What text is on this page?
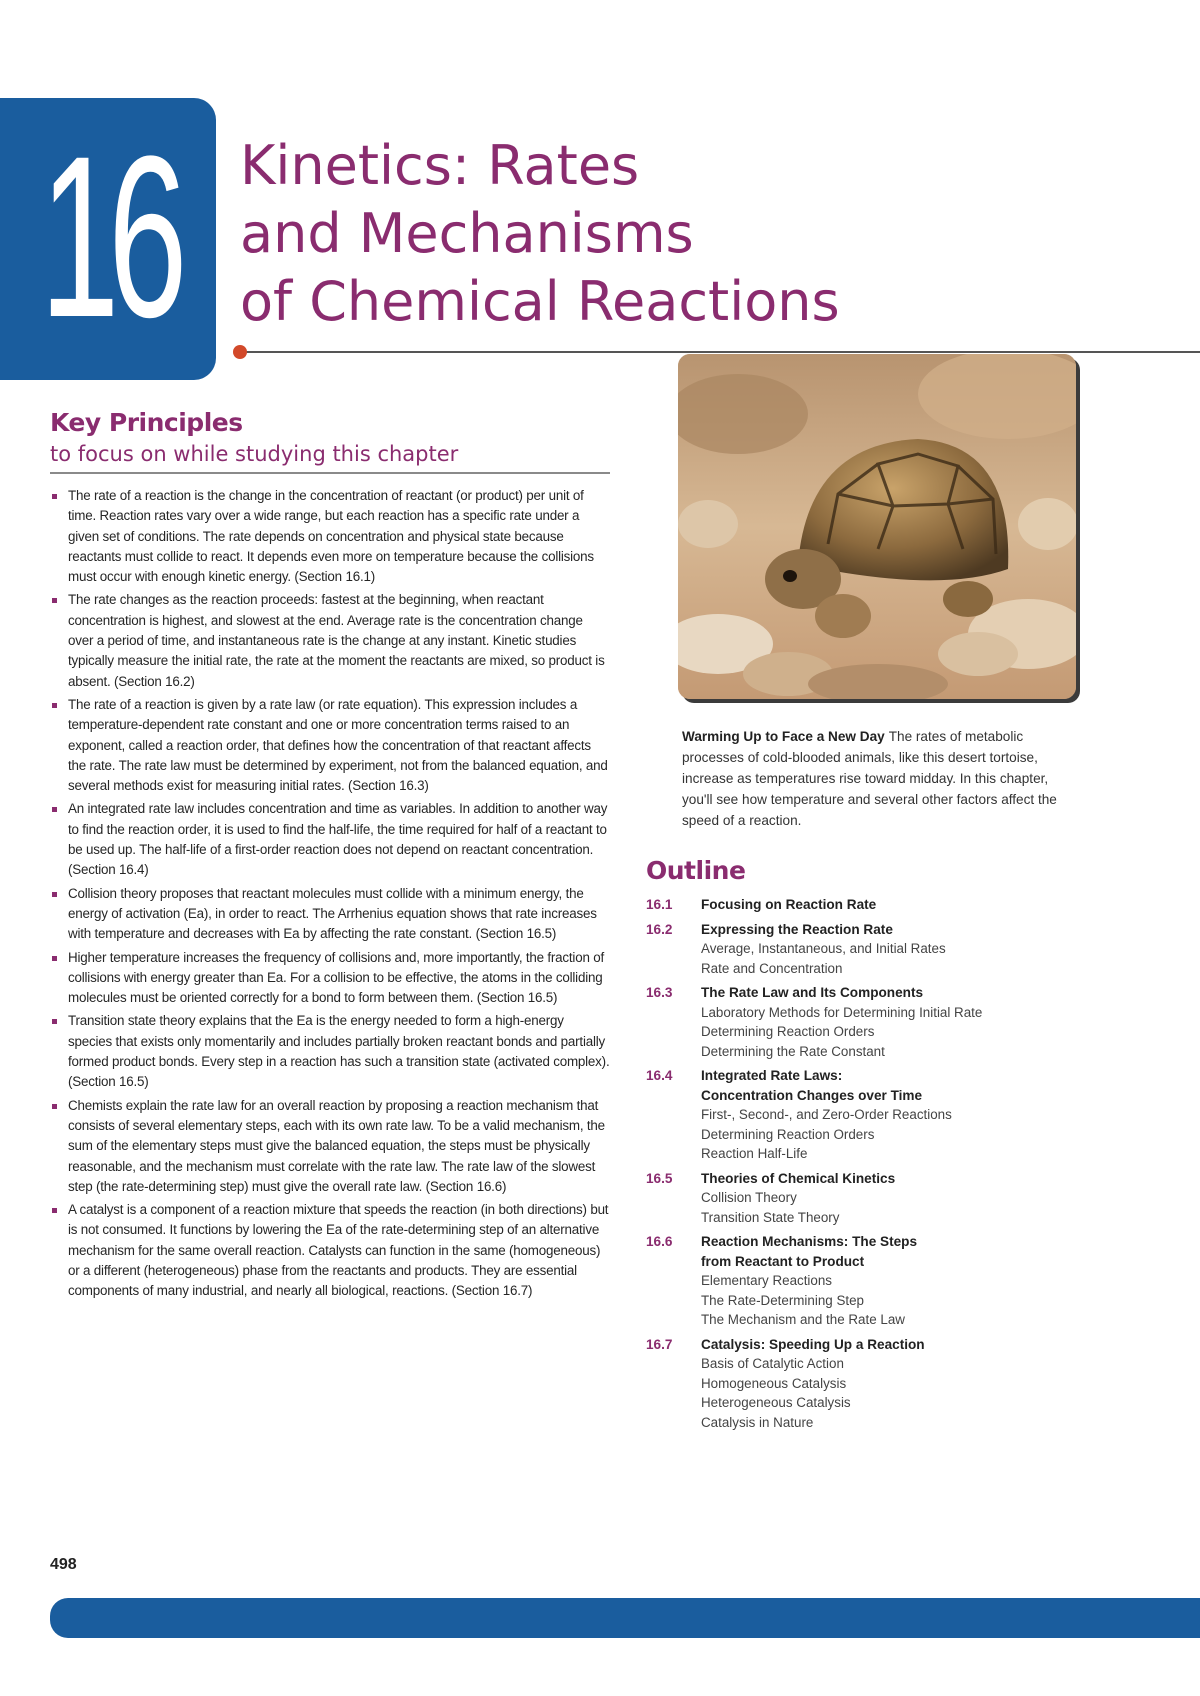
16 Kinetics: Rates
and Mechanisms
of Chemical Reactions
Key Principles
to focus on while studying this chapter
The rate of a reaction is the change in the concentration of reactant (or product) per unit of time. Reaction rates vary over a wide range, but each reaction has a specific rate under a given set of conditions. The rate depends on concentration and physical state because reactants must collide to react. It depends even more on temperature because the collisions must occur with enough kinetic energy. (Section 16.1)
The rate changes as the reaction proceeds: fastest at the beginning, when reactant concentration is highest, and slowest at the end. Average rate is the concentration change over a period of time, and instantaneous rate is the change at any instant. Kinetic studies typically measure the initial rate, the rate at the moment the reactants are mixed, so product is absent. (Section 16.2)
The rate of a reaction is given by a rate law (or rate equation). This expression includes a temperature-dependent rate constant and one or more concentration terms raised to an exponent, called a reaction order, that defines how the concentration of that reactant affects the rate. The rate law must be determined by experiment, not from the balanced equation, and several methods exist for measuring initial rates. (Section 16.3)
An integrated rate law includes concentration and time as variables. In addition to another way to find the reaction order, it is used to find the half-life, the time required for half of a reactant to be used up. The half-life of a first-order reaction does not depend on reactant concentration. (Section 16.4)
Collision theory proposes that reactant molecules must collide with a minimum energy, the energy of activation (Ea), in order to react. The Arrhenius equation shows that rate increases with temperature and decreases with Ea by affecting the rate constant. (Section 16.5)
Higher temperature increases the frequency of collisions and, more importantly, the fraction of collisions with energy greater than Ea. For a collision to be effective, the atoms in the colliding molecules must be oriented correctly for a bond to form between them. (Section 16.5)
Transition state theory explains that the Ea is the energy needed to form a high-energy species that exists only momentarily and includes partially broken reactant bonds and partially formed product bonds. Every step in a reaction has such a transition state (activated complex). (Section 16.5)
Chemists explain the rate law for an overall reaction by proposing a reaction mechanism that consists of several elementary steps, each with its own rate law. To be a valid mechanism, the sum of the elementary steps must give the balanced equation, the steps must be physically reasonable, and the mechanism must correlate with the rate law. The rate law of the slowest step (the rate-determining step) must give the overall rate law. (Section 16.6)
A catalyst is a component of a reaction mixture that speeds the reaction (in both directions) but is not consumed. It functions by lowering the Ea of the rate-determining step of an alternative mechanism for the same overall reaction. Catalysts can function in the same (homogeneous) or a different (heterogeneous) phase from the reactants and products. They are essential components of many industrial, and nearly all biological, reactions. (Section 16.7)
Warming Up to Face a New Day The rates of metabolic processes of cold-blooded animals, like this desert tortoise, increase as temperatures rise toward midday. In this chapter, you'll see how temperature and several other factors affect the speed of a reaction.
Outline
16.1	Focusing on Reaction Rate
16.2	Expressing the Reaction Rate
Average, Instantaneous, and Initial Rates
Rate and Concentration
16.3	The Rate Law and Its Components
Laboratory Methods for Determining Initial Rate
Determining Reaction Orders
Determining the Rate Constant
16.4	Integrated Rate Laws:
Concentration Changes over Time
First-, Second-, and Zero-Order Reactions
Determining Reaction Orders
Reaction Half-Life
16.5	Theories of Chemical Kinetics
Collision Theory
Transition State Theory
16.6	Reaction Mechanisms: The Steps
from Reactant to Product
Elementary Reactions
The Rate-Determining Step
The Mechanism and the Rate Law
16.7	Catalysis: Speeding Up a Reaction
Basis of Catalytic Action
Homogeneous Catalysis
Heterogeneous Catalysis
Catalysis in Nature
498
